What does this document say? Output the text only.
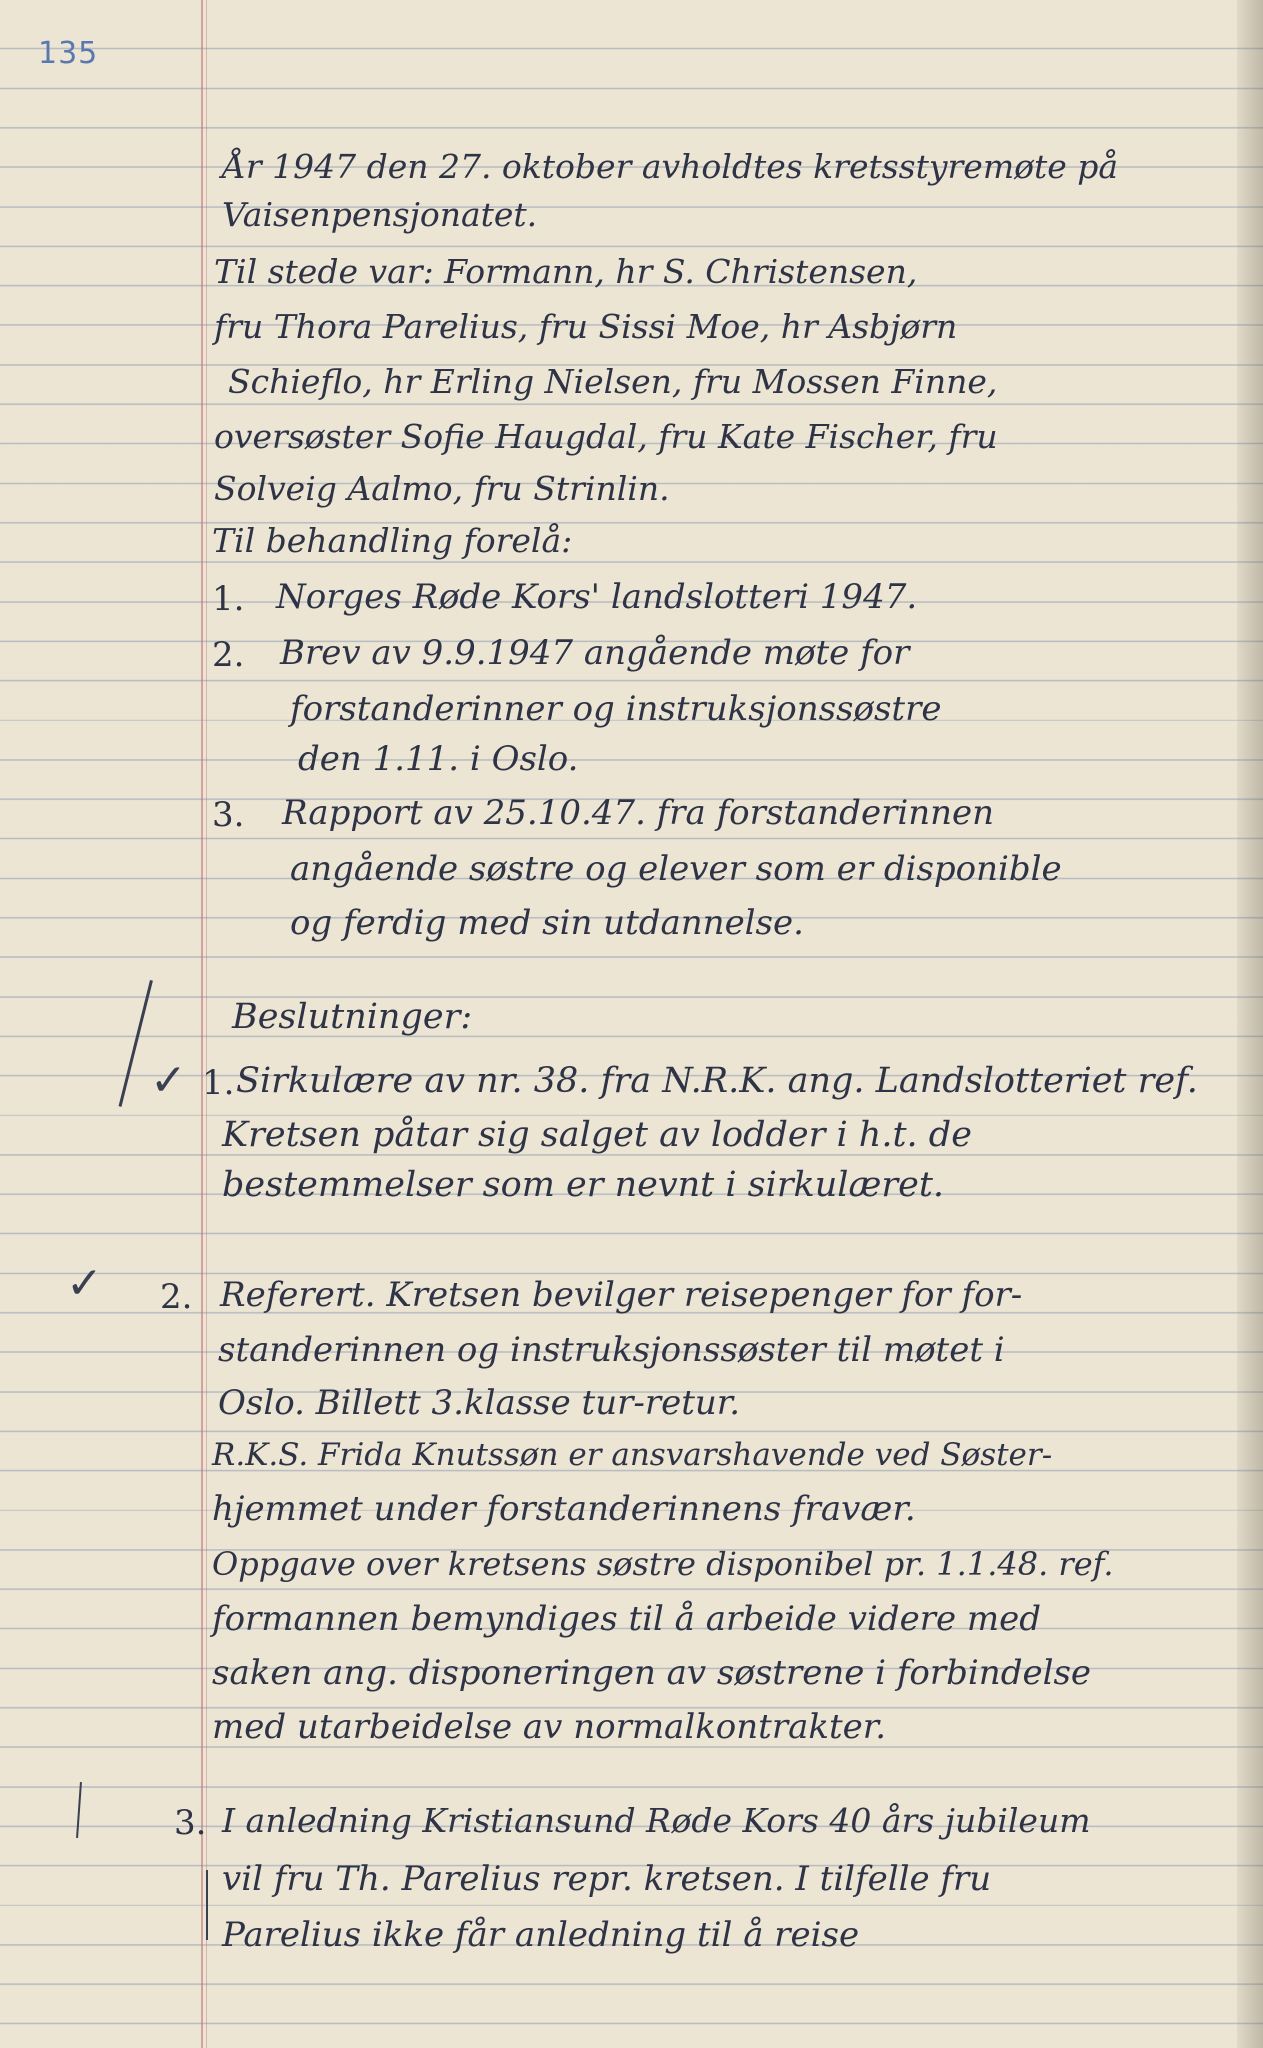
135
År 1947 den 27. oktober avholdtes kretsstyremøte på
Vaisenpensjonatet.
Til stede var: Formann, hr S. Christensen,
fru Thora Parelius, fru Sissi Moe, hr Asbjørn
Schieflo, hr Erling Nielsen, fru Mossen Finne,
oversøster Sofie Haugdal, fru Kate Fischer, fru
Solveig Aalmo, fru Strinlin.
Til behandling forelå:
1. Norges Røde Kors' landslotteri 1947.
2. Brev av 9.9.1947 angående møte for
forstanderinner og instruksjonssøstre
den 1.11. i Oslo.
3. Rapport av 25.10.47. fra forstanderinnen
angående søstre og elever som er disponible
og ferdig med sin utdannelse.
Beslutninger:
✓ 1. Sirkulære av nr. 38. fra N.R.K. ang. Landslotteriet ref.
Kretsen påtar sig salget av lodder i h.t. de
bestemmelser som er nevnt i sirkulæret.
✓ 2. Referert. Kretsen bevilger reisepenger for for-
standerinnen og instruksjonssøster til møtet i
Oslo. Billett 3.klasse tur-retur.
R.K.S. Frida Knutssøn er ansvarshavende ved Søster-
hjemmet under forstanderinnens fravær.
Oppgave over kretsens søstre disponibel pr. 1.1.48. ref.
formannen bemyndiges til å arbeide videre med
saken ang. disponeringen av søstrene i forbindelse
med utarbeidelse av normalkontrakter.
3. I anledning Kristiansund Røde Kors 40 års jubileum
vil fru Th. Parelius repr. kretsen. I tilfelle fru
Parelius ikke får anledning til å reise
